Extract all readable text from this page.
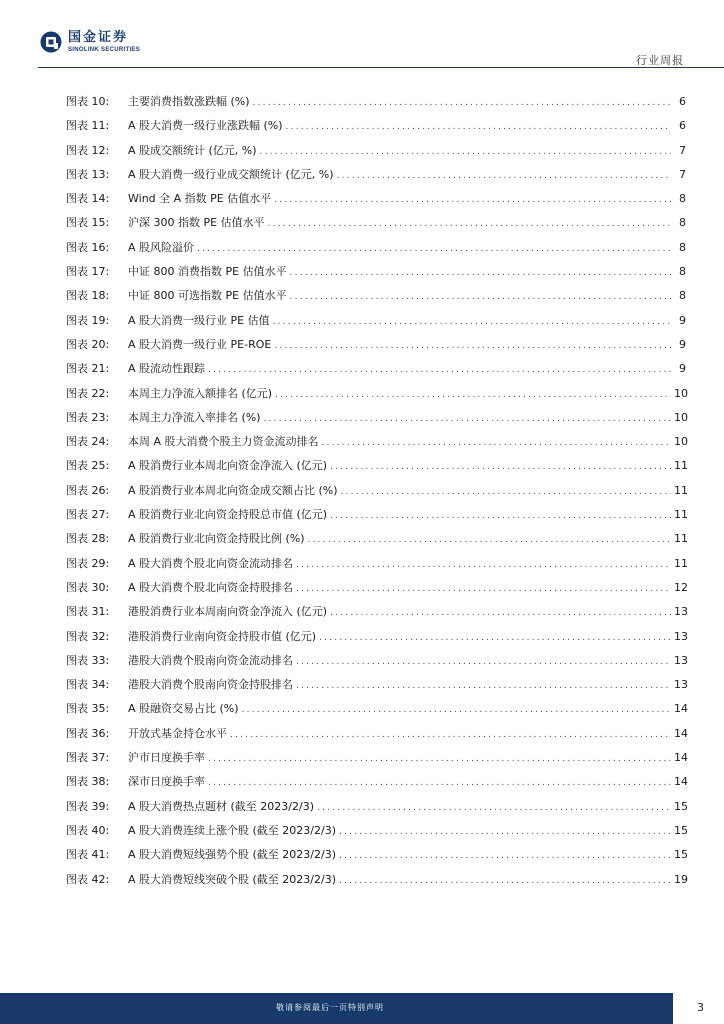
国金证券
SINOLINK SECURITIES
行业周报
图表 10:	主要消费指数涨跌幅 (%) .....	6
图表 11:	A 股大消费一级行业涨跌幅 (%) .....	6
图表 12:	A 股成交额统计 (亿元, %) .....	7
图表 13:	A 股大消费一级行业成交额统计 (亿元, %) .....	7
图表 14:	Wind 全 A 指数 PE 估值水平 .....	8
图表 15:	沪深 300 指数 PE 估值水平 .....	8
图表 16:	A 股风险溢价 .....	8
图表 17:	中证 800 消费指数 PE 估值水平 .....	8
图表 18:	中证 800 可选指数 PE 估值水平 .....	8
图表 19:	A 股大消费一级行业 PE 估值 .....	9
图表 20:	A 股大消费一级行业 PE-ROE .....	9
图表 21:	A 股流动性跟踪 .....	9
图表 22:	本周主力净流入额排名 (亿元) .....	10
图表 23:	本周主力净流入率排名 (%) .....	10
图表 24:	本周 A 股大消费个股主力资金流动排名 .....	10
图表 25:	A 股消费行业本周北向资金净流入 (亿元) .....	11
图表 26:	A 股消费行业本周北向资金成交额占比 (%) .....	11
图表 27:	A 股消费行业北向资金持股总市值 (亿元) .....	11
图表 28:	A 股消费行业北向资金持股比例 (%) .....	11
图表 29:	A 股大消费个股北向资金流动排名 .....	11
图表 30:	A 股大消费个股北向资金持股排名 .....	12
图表 31:	港股消费行业本周南向资金净流入 (亿元) .....	13
图表 32:	港股消费行业南向资金持股市值 (亿元) .....	13
图表 33:	港股大消费个股南向资金流动排名 .....	13
图表 34:	港股大消费个股南向资金持股排名 .....	13
图表 35:	A 股融资交易占比 (%) .....	14
图表 36:	开放式基金持仓水平 .....	14
图表 37:	沪市日度换手率 .....	14
图表 38:	深市日度换手率 .....	14
图表 39:	A 股大消费热点题材 (截至 2023/2/3) .....	15
图表 40:	A 股大消费连续上涨个股 (截至 2023/2/3) .....	15
图表 41:	A 股大消费短线强势个股 (截至 2023/2/3) .....	15
图表 42:	A 股大消费短线突破个股 (截至 2023/2/3) .....	19
敬请参阅最后一页特别声明	3
